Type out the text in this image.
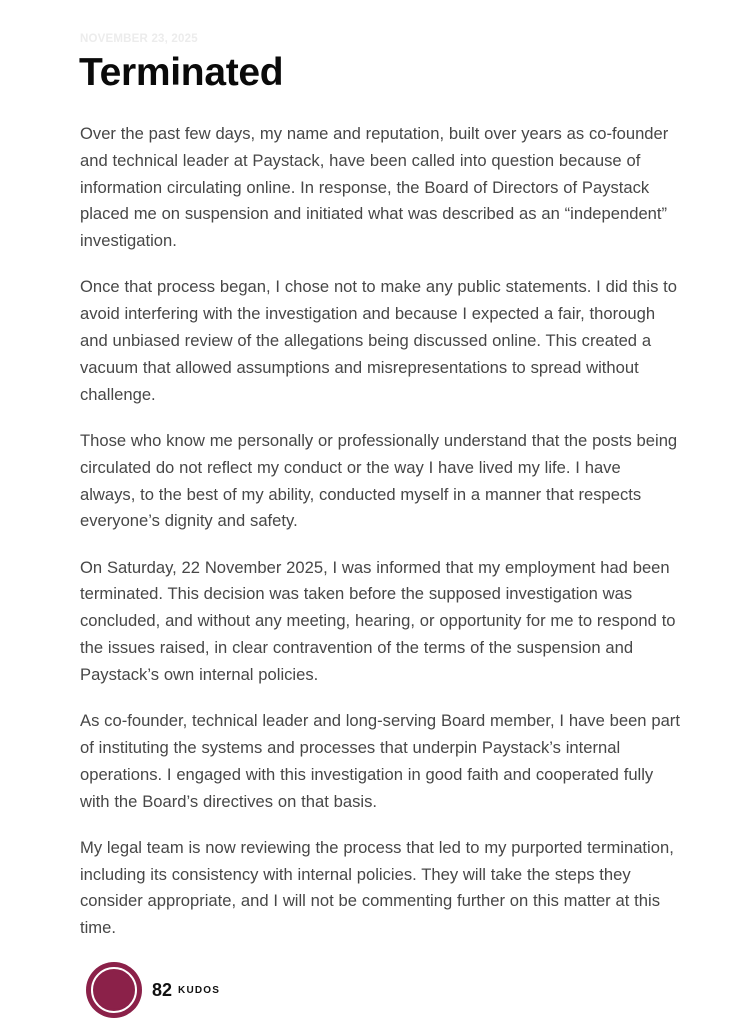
NOVEMBER 23, 2025
Terminated

Over the past few days, my name and reputation, built over years as co-founder and technical leader at Paystack, have been called into question because of information circulating online. In response, the Board of Directors of Paystack placed me on suspension and initiated what was described as an “independent” investigation.

Once that process began, I chose not to make any public statements. I did this to avoid interfering with the investigation and because I expected a fair, thorough and unbiased review of the allegations being discussed online. This created a vacuum that allowed assumptions and misrepresentations to spread without challenge.

Those who know me personally or professionally understand that the posts being circulated do not reflect my conduct or the way I have lived my life. I have always, to the best of my ability, conducted myself in a manner that respects everyone’s dignity and safety.

On Saturday, 22 November 2025, I was informed that my employment had been terminated. This decision was taken before the supposed investigation was concluded, and without any meeting, hearing, or opportunity for me to respond to the issues raised, in clear contravention of the terms of the suspension and Paystack’s own internal policies.

As co-founder, technical leader and long-serving Board member, I have been part of instituting the systems and processes that underpin Paystack’s internal operations. I engaged with this investigation in good faith and cooperated fully with the Board’s directives on that basis.

My legal team is now reviewing the process that led to my purported termination, including its consistency with internal policies. They will take the steps they consider appropriate, and I will not be commenting further on this matter at this time.

82 KUDOS
